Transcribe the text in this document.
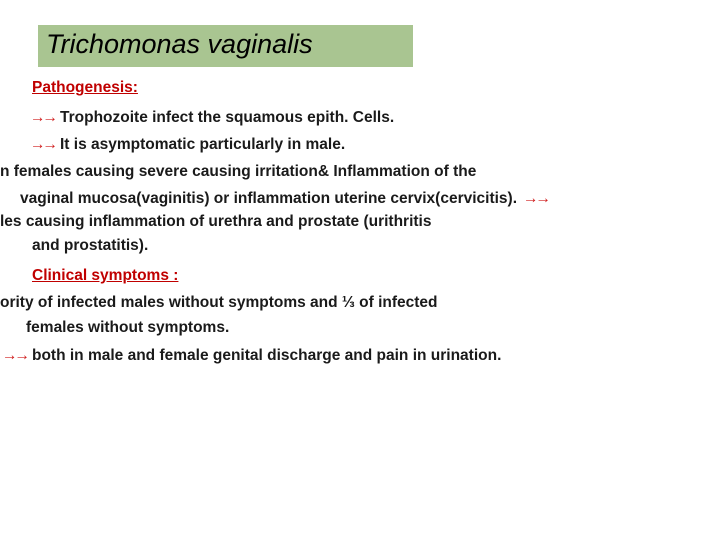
Trichomonas vaginalis
Pathogenesis:
→→ Trophozoite infect the squamous epith. Cells.
→→ It is asymptomatic particularly in male.
n females causing severe causing irritation& Inflammation of the
vaginal mucosa(vaginitis) or inflammation uterine cervix(cervicitis). →→
les causing inflammation of urethra and prostate (urithritis
and prostatitis).
Clinical symptoms :
ority of infected males without symptoms and ⅓ of infected
females without symptoms.
→→ both in male and female genital discharge and pain in urination.
